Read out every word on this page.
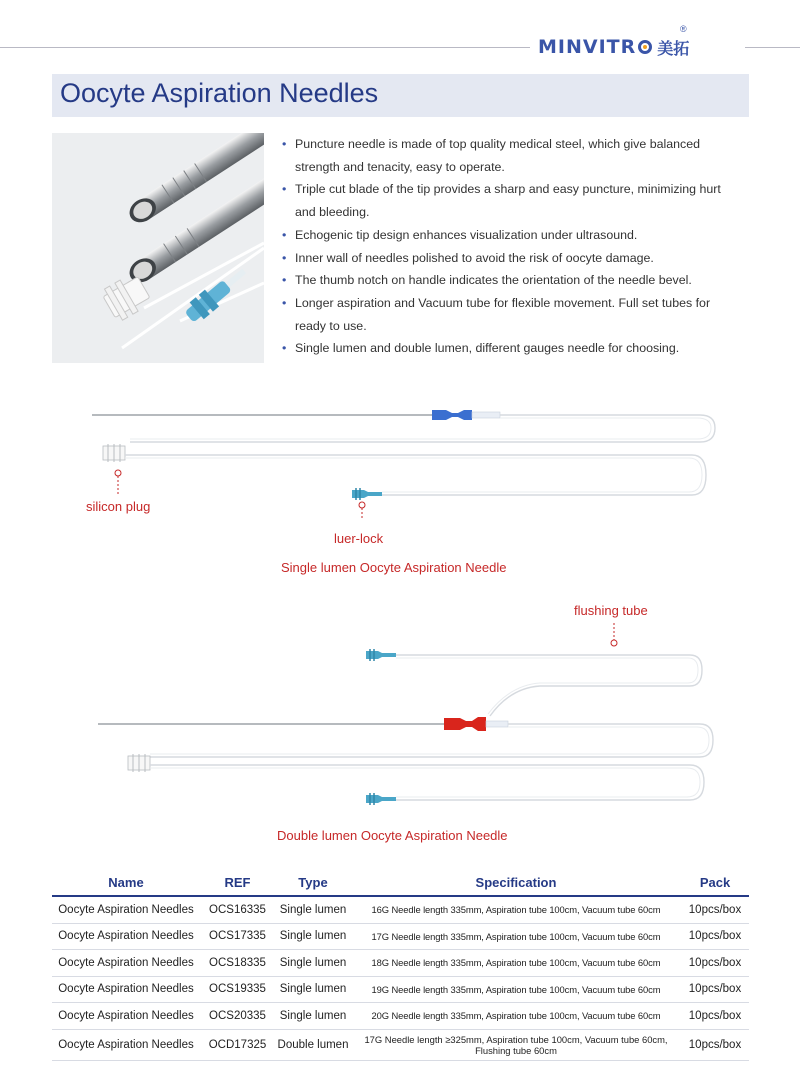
MINVITR 美拓
®
Oocyte Aspiration Needles
• Puncture needle is made of top quality medical steel, which give balanced strength and tenacity, easy to operate.
• Triple cut blade of the tip provides a sharp and easy puncture, minimizing hurt and bleeding.
• Echogenic tip design enhances visualization under ultrasound.
• Inner wall of needles polished to avoid the risk of oocyte damage.
• The thumb notch on handle indicates the orientation of the needle bevel.
• Longer aspiration and Vacuum tube for flexible movement. Full set tubes for ready to use.
• Single lumen and double lumen, different gauges needle for choosing.
silicon plug
luer-lock
Single lumen Oocyte Aspiration Needle
flushing tube
Double lumen Oocyte Aspiration Needle
Name	REF	Type	Specification	Pack
Oocyte Aspiration Needles	OCS16335	Single lumen	16G Needle length 335mm, Aspiration tube 100cm, Vacuum tube 60cm	10pcs/box
Oocyte Aspiration Needles	OCS17335	Single lumen	17G Needle length 335mm, Aspiration tube 100cm, Vacuum tube 60cm	10pcs/box
Oocyte Aspiration Needles	OCS18335	Single lumen	18G Needle length 335mm, Aspiration tube 100cm, Vacuum tube 60cm	10pcs/box
Oocyte Aspiration Needles	OCS19335	Single lumen	19G Needle length 335mm, Aspiration tube 100cm, Vacuum tube 60cm	10pcs/box
Oocyte Aspiration Needles	OCS20335	Single lumen	20G Needle length 335mm, Aspiration tube 100cm, Vacuum tube 60cm	10pcs/box
Oocyte Aspiration Needles	OCD17325	Double lumen	17G Needle length ≥325mm, Aspiration tube 100cm, Vacuum tube 60cm, Flushing tube 60cm	10pcs/box
